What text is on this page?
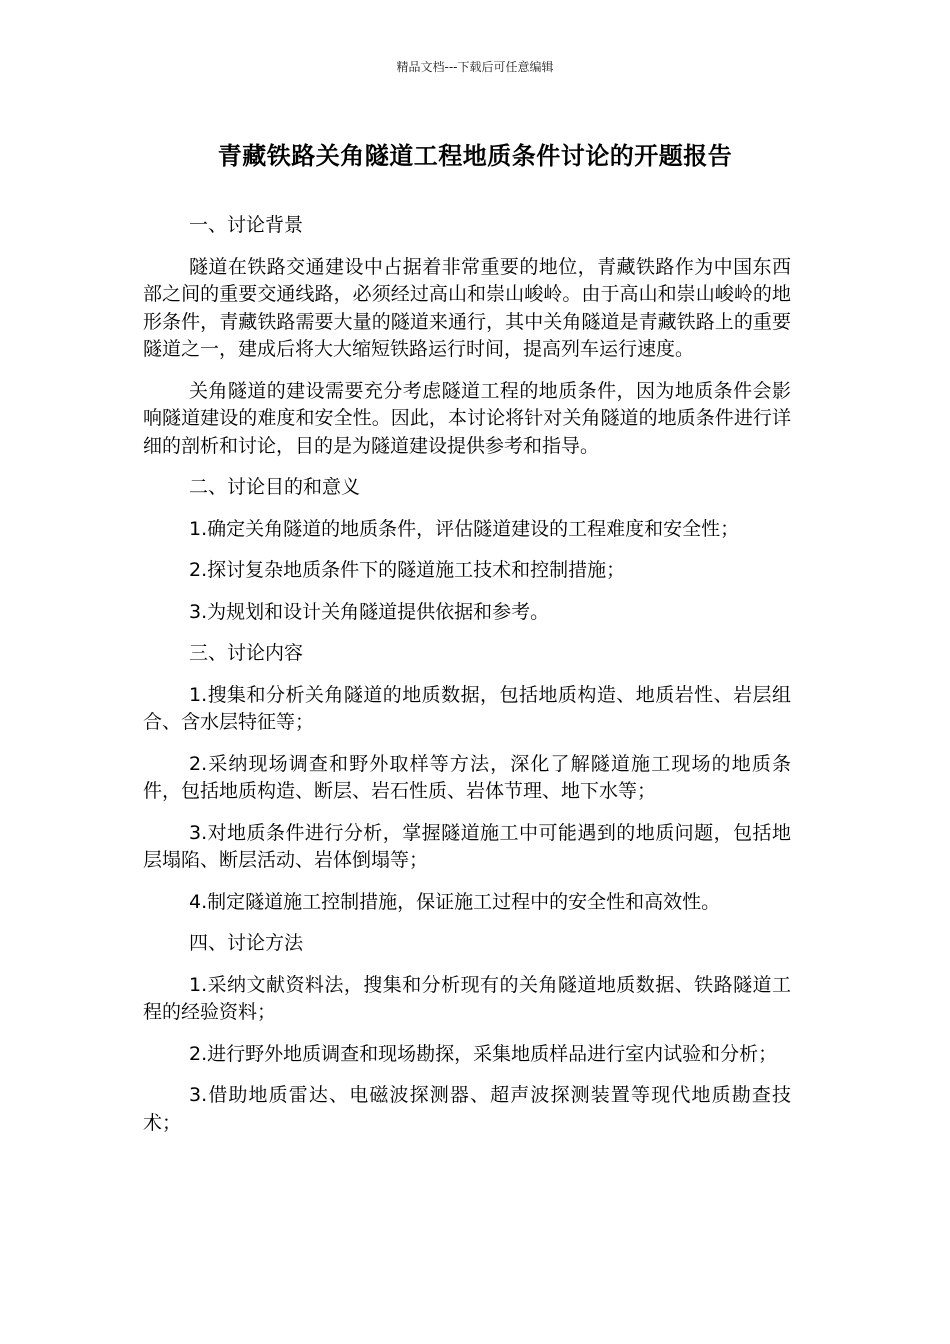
精品文档---下载后可任意编辑
青藏铁路关角隧道工程地质条件讨论的开题报告

一、讨论背景

隧道在铁路交通建设中占据着非常重要的地位，青藏铁路作为中国东西部之间的重要交通线路，必须经过高山和崇山峻岭。由于高山和崇山峻岭的地形条件，青藏铁路需要大量的隧道来通行，其中关角隧道是青藏铁路上的重要隧道之一，建成后将大大缩短铁路运行时间，提高列车运行速度。

关角隧道的建设需要充分考虑隧道工程的地质条件，因为地质条件会影响隧道建设的难度和安全性。因此，本讨论将针对关角隧道的地质条件进行详细的剖析和讨论，目的是为隧道建设提供参考和指导。

二、讨论目的和意义

1.确定关角隧道的地质条件，评估隧道建设的工程难度和安全性；

2.探讨复杂地质条件下的隧道施工技术和控制措施；

3.为规划和设计关角隧道提供依据和参考。

三、讨论内容

1.搜集和分析关角隧道的地质数据，包括地质构造、地质岩性、岩层组合、含水层特征等；

2.采纳现场调查和野外取样等方法，深化了解隧道施工现场的地质条件，包括地质构造、断层、岩石性质、岩体节理、地下水等；

3.对地质条件进行分析，掌握隧道施工中可能遇到的地质问题，包括地层塌陷、断层活动、岩体倒塌等；

4.制定隧道施工控制措施，保证施工过程中的安全性和高效性。

四、讨论方法

1.采纳文献资料法，搜集和分析现有的关角隧道地质数据、铁路隧道工程的经验资料；

2.进行野外地质调查和现场勘探，采集地质样品进行室内试验和分析；

3.借助地质雷达、电磁波探测器、超声波探测装置等现代地质勘查技术；
